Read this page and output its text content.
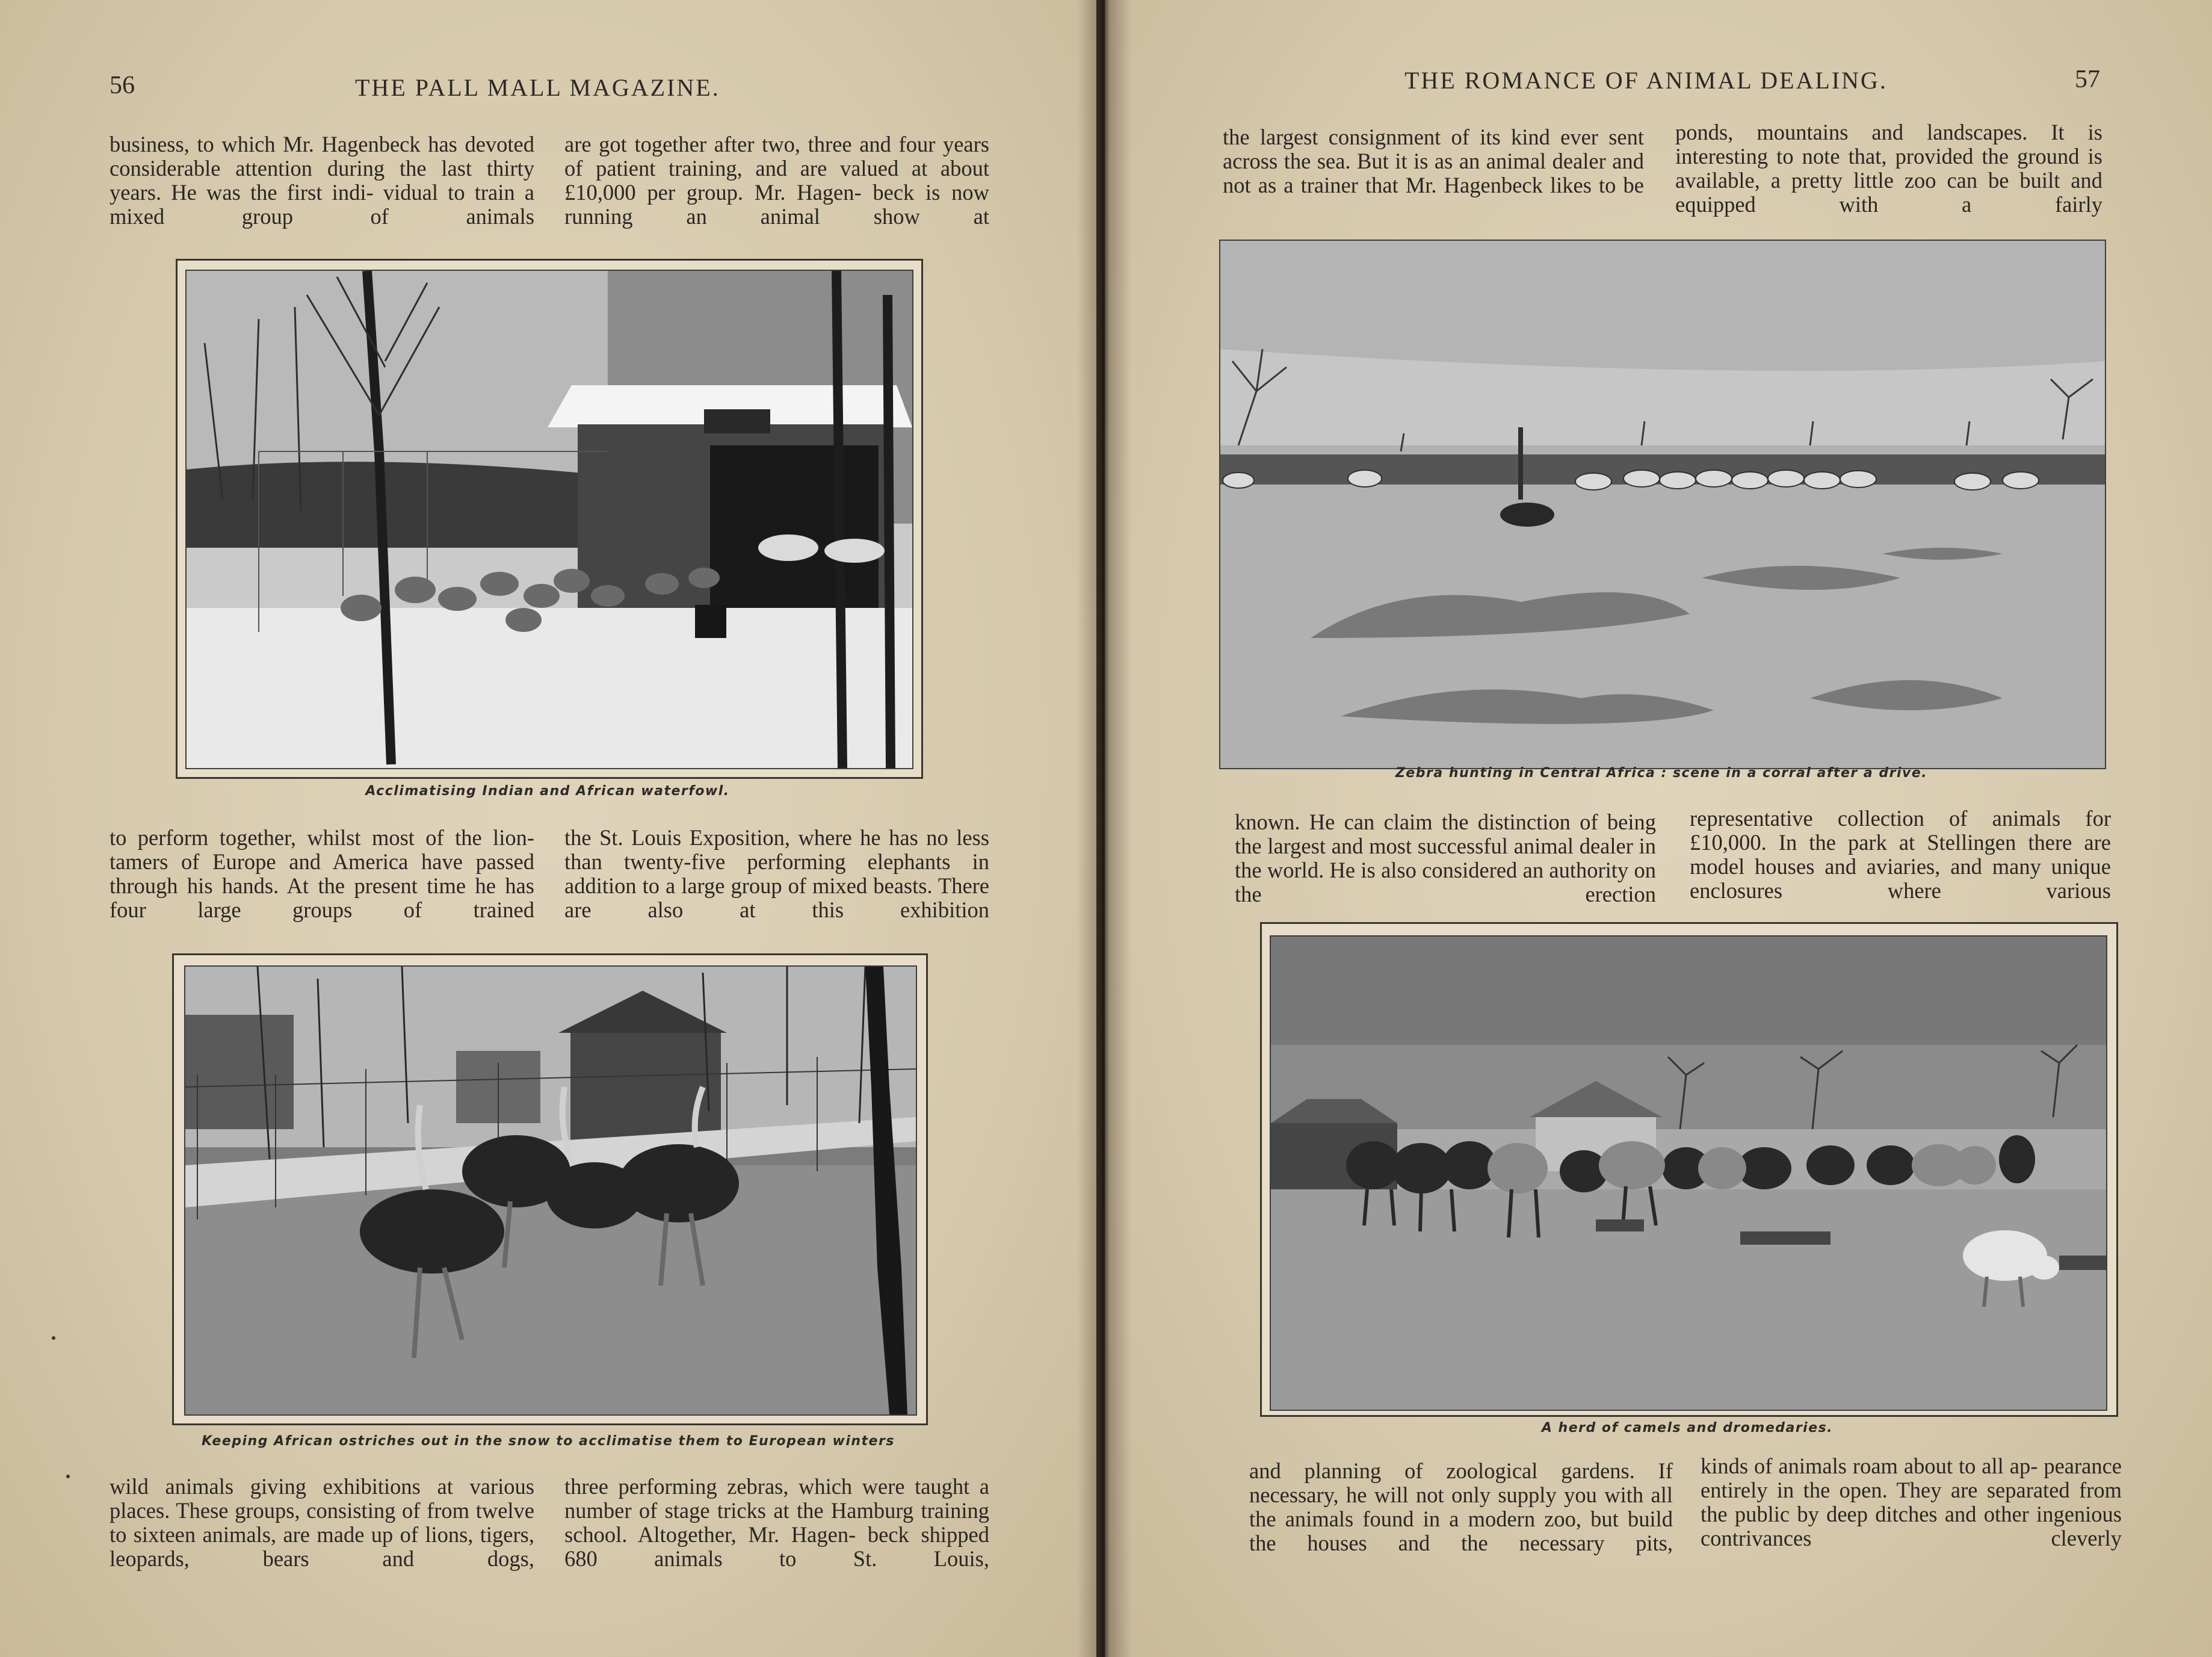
56	THE PALL MALL MAGAZINE.

business, to which Mr. Hagenbeck has devoted considerable attention during the last thirty years. He was the first indi- vidual to train a mixed group of animals

are got together after two, three and four years of patient training, and are valued at about £10,000 per group. Mr. Hagen- beck is now running an animal show at

Acclimatising Indian and African waterfowl.

to perform together, whilst most of the lion-tamers of Europe and America have passed through his hands. At the present time he has four large groups of trained

the St. Louis Exposition, where he has no less than twenty-five performing elephants in addition to a large group of mixed beasts. There are also at this exhibition

Keeping African ostriches out in the snow to acclimatise them to European winters

wild animals giving exhibitions at various places. These groups, consisting of from twelve to sixteen animals, are made up of lions, tigers, leopards, bears and dogs,

three performing zebras, which were taught a number of stage tricks at the Hamburg training school. Altogether, Mr. Hagen- beck shipped 680 animals to St. Louis,

THE ROMANCE OF ANIMAL DEALING.	57

the largest consignment of its kind ever sent across the sea. But it is as an animal dealer and not as a trainer that Mr. Hagenbeck likes to be

ponds, mountains and landscapes. It is interesting to note that, provided the ground is available, a pretty little zoo can be built and equipped with a fairly

Zebra hunting in Central Africa : scene in a corral after a drive.

known. He can claim the distinction of being the largest and most successful animal dealer in the world. He is also considered an authority on the erection

representative collection of animals for £10,000. In the park at Stellingen there are model houses and aviaries, and many unique enclosures where various

A herd of camels and dromedaries.

and planning of zoological gardens. If necessary, he will not only supply you with all the animals found in a modern zoo, but build the houses and the necessary pits,

kinds of animals roam about to all ap- pearance entirely in the open. They are separated from the public by deep ditches and other ingenious contrivances cleverly
